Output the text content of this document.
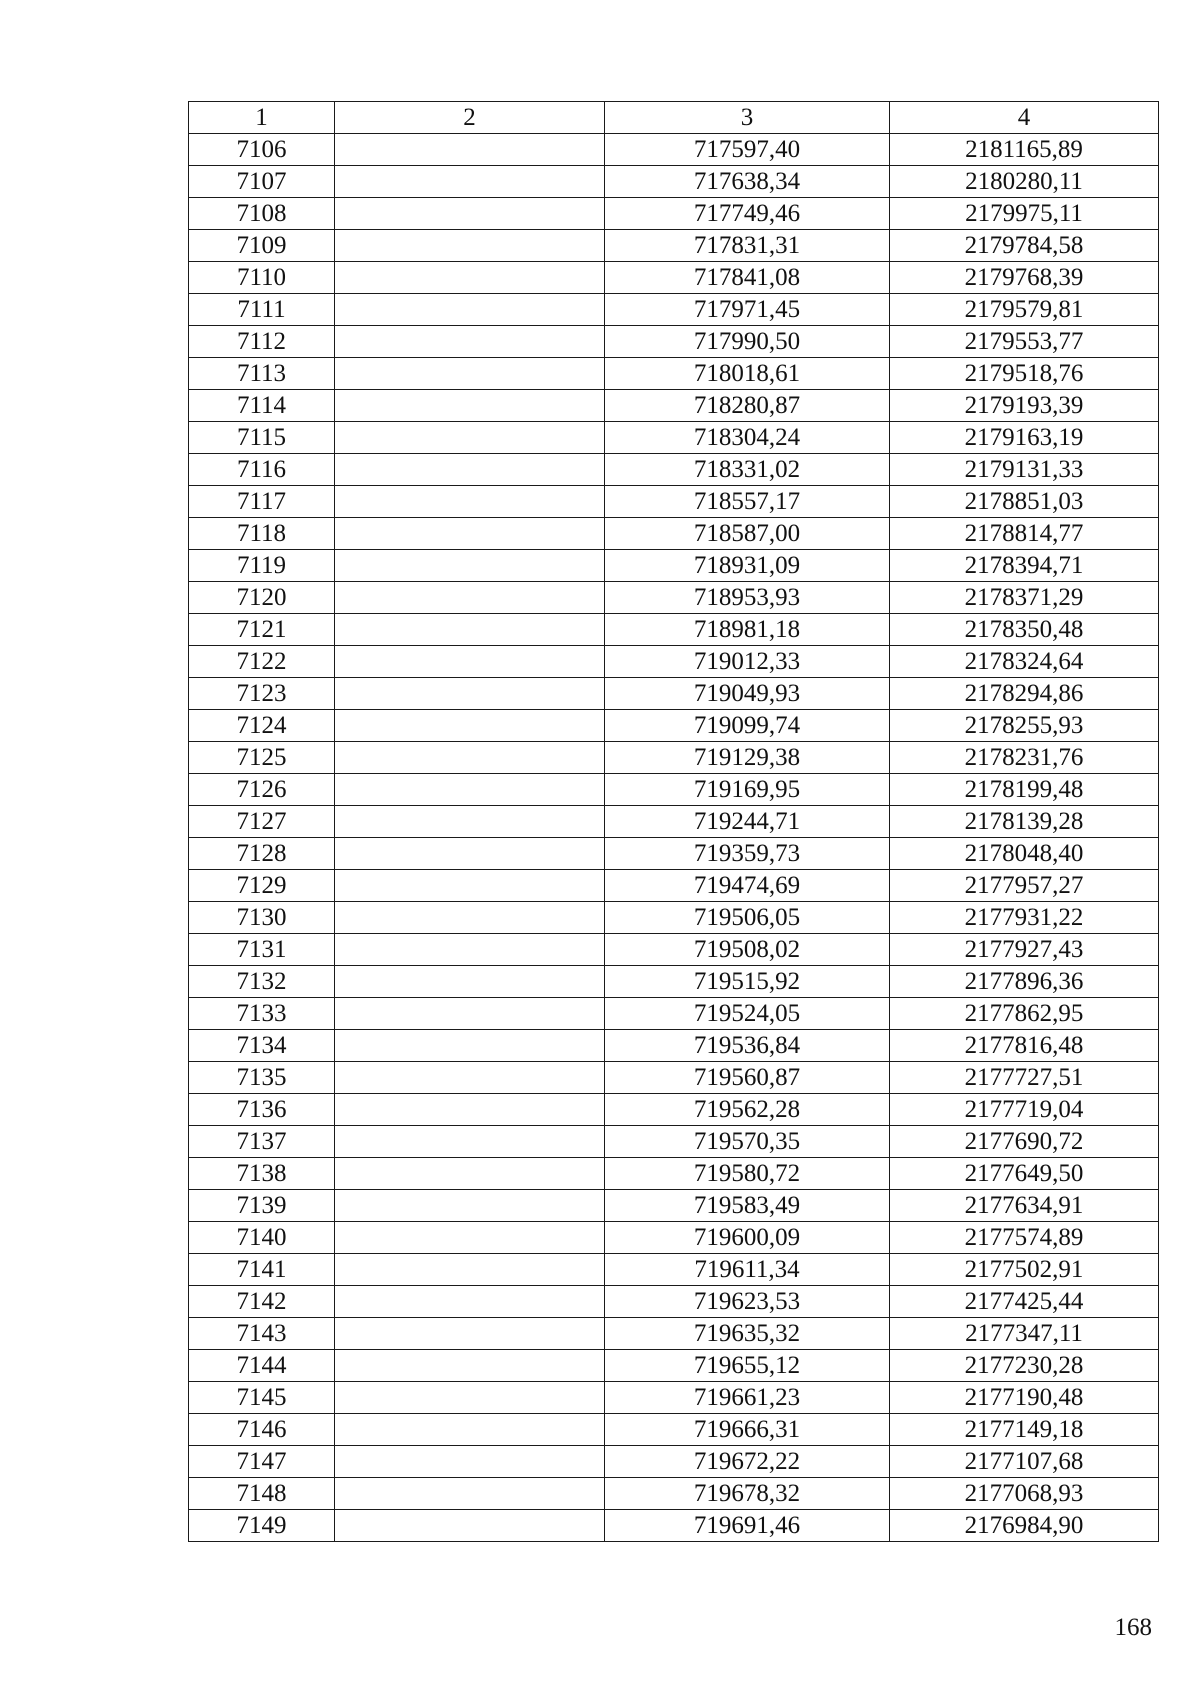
1	2	3	4
7106		717597,40	2181165,89
7107		717638,34	2180280,11
7108		717749,46	2179975,11
7109		717831,31	2179784,58
7110		717841,08	2179768,39
7111		717971,45	2179579,81
7112		717990,50	2179553,77
7113		718018,61	2179518,76
7114		718280,87	2179193,39
7115		718304,24	2179163,19
7116		718331,02	2179131,33
7117		718557,17	2178851,03
7118		718587,00	2178814,77
7119		718931,09	2178394,71
7120		718953,93	2178371,29
7121		718981,18	2178350,48
7122		719012,33	2178324,64
7123		719049,93	2178294,86
7124		719099,74	2178255,93
7125		719129,38	2178231,76
7126		719169,95	2178199,48
7127		719244,71	2178139,28
7128		719359,73	2178048,40
7129		719474,69	2177957,27
7130		719506,05	2177931,22
7131		719508,02	2177927,43
7132		719515,92	2177896,36
7133		719524,05	2177862,95
7134		719536,84	2177816,48
7135		719560,87	2177727,51
7136		719562,28	2177719,04
7137		719570,35	2177690,72
7138		719580,72	2177649,50
7139		719583,49	2177634,91
7140		719600,09	2177574,89
7141		719611,34	2177502,91
7142		719623,53	2177425,44
7143		719635,32	2177347,11
7144		719655,12	2177230,28
7145		719661,23	2177190,48
7146		719666,31	2177149,18
7147		719672,22	2177107,68
7148		719678,32	2177068,93
7149		719691,46	2176984,90
168
